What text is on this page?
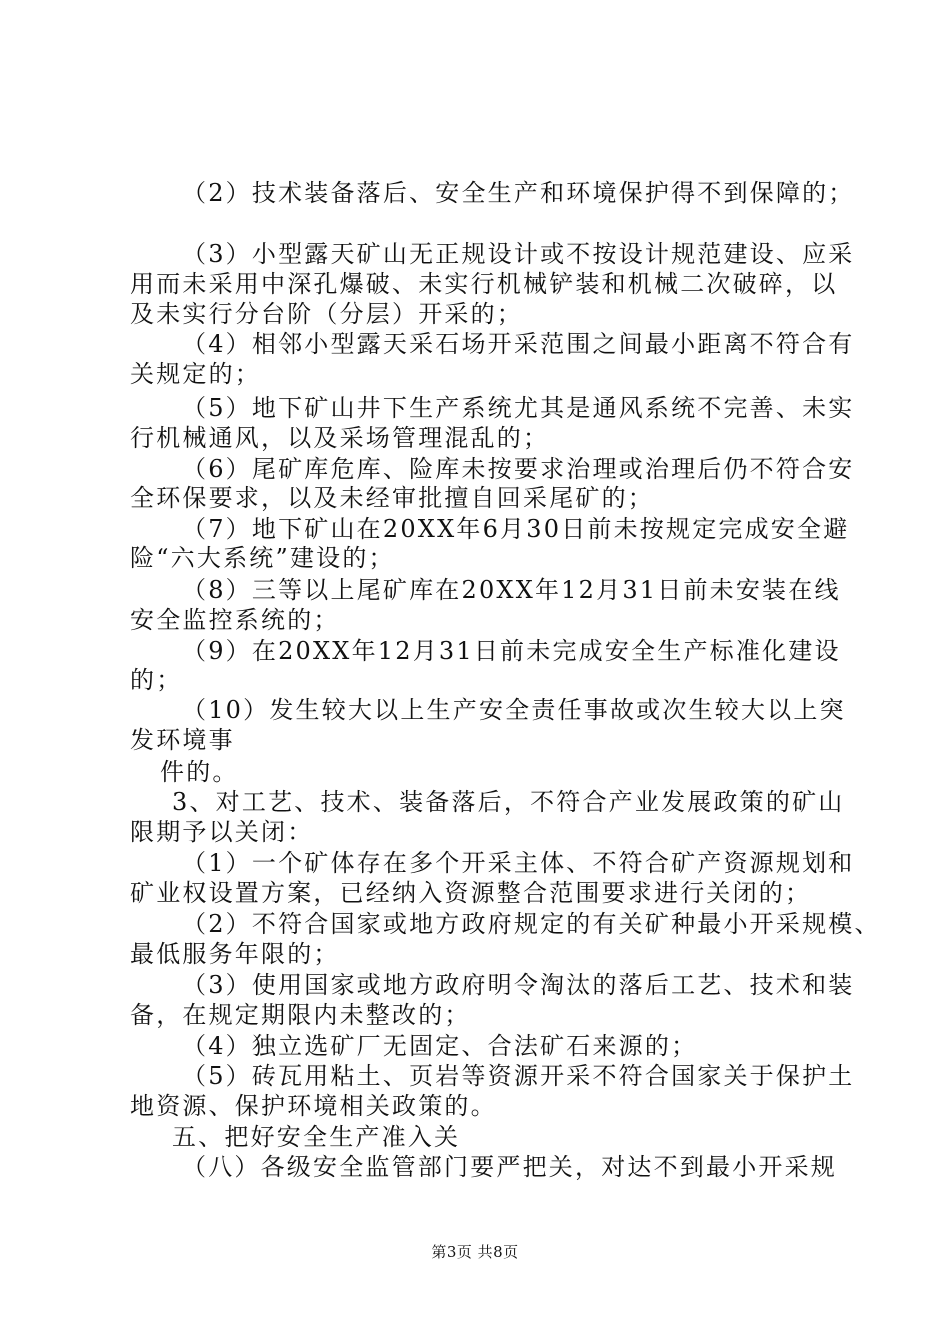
（2）技术装备落后、安全生产和环境保护得不到保障的；
（3）小型露天矿山无正规设计或不按设计规范建设、应采
用而未采用中深孔爆破、未实行机械铲装和机械二次破碎，以
及未实行分台阶（分层）开采的；
（4）相邻小型露天采石场开采范围之间最小距离不符合有
关规定的；
（5）地下矿山井下生产系统尤其是通风系统不完善、未实
行机械通风，以及采场管理混乱的；
（6）尾矿库危库、险库未按要求治理或治理后仍不符合安
全环保要求，以及未经审批擅自回采尾矿的；
（7）地下矿山在20XX年6月30日前未按规定完成安全避
险“六大系统”建设的；
（8）三等以上尾矿库在20XX年12月31日前未安装在线
安全监控系统的；
（9）在20XX年12月31日前未完成安全生产标准化建设
的；
（10）发生较大以上生产安全责任事故或次生较大以上突
发环境事
件的。
3、对工艺、技术、装备落后，不符合产业发展政策的矿山
限期予以关闭：
（1）一个矿体存在多个开采主体、不符合矿产资源规划和
矿业权设置方案，已经纳入资源整合范围要求进行关闭的；
（2）不符合国家或地方政府规定的有关矿种最小开采规模、
最低服务年限的；
（3）使用国家或地方政府明令淘汰的落后工艺、技术和装
备，在规定期限内未整改的；
（4）独立选矿厂无固定、合法矿石来源的；
（5）砖瓦用粘土、页岩等资源开采不符合国家关于保护土
地资源、保护环境相关政策的。
五、把好安全生产准入关
（八）各级安全监管部门要严把关，对达不到最小开采规
第3页 共8页
